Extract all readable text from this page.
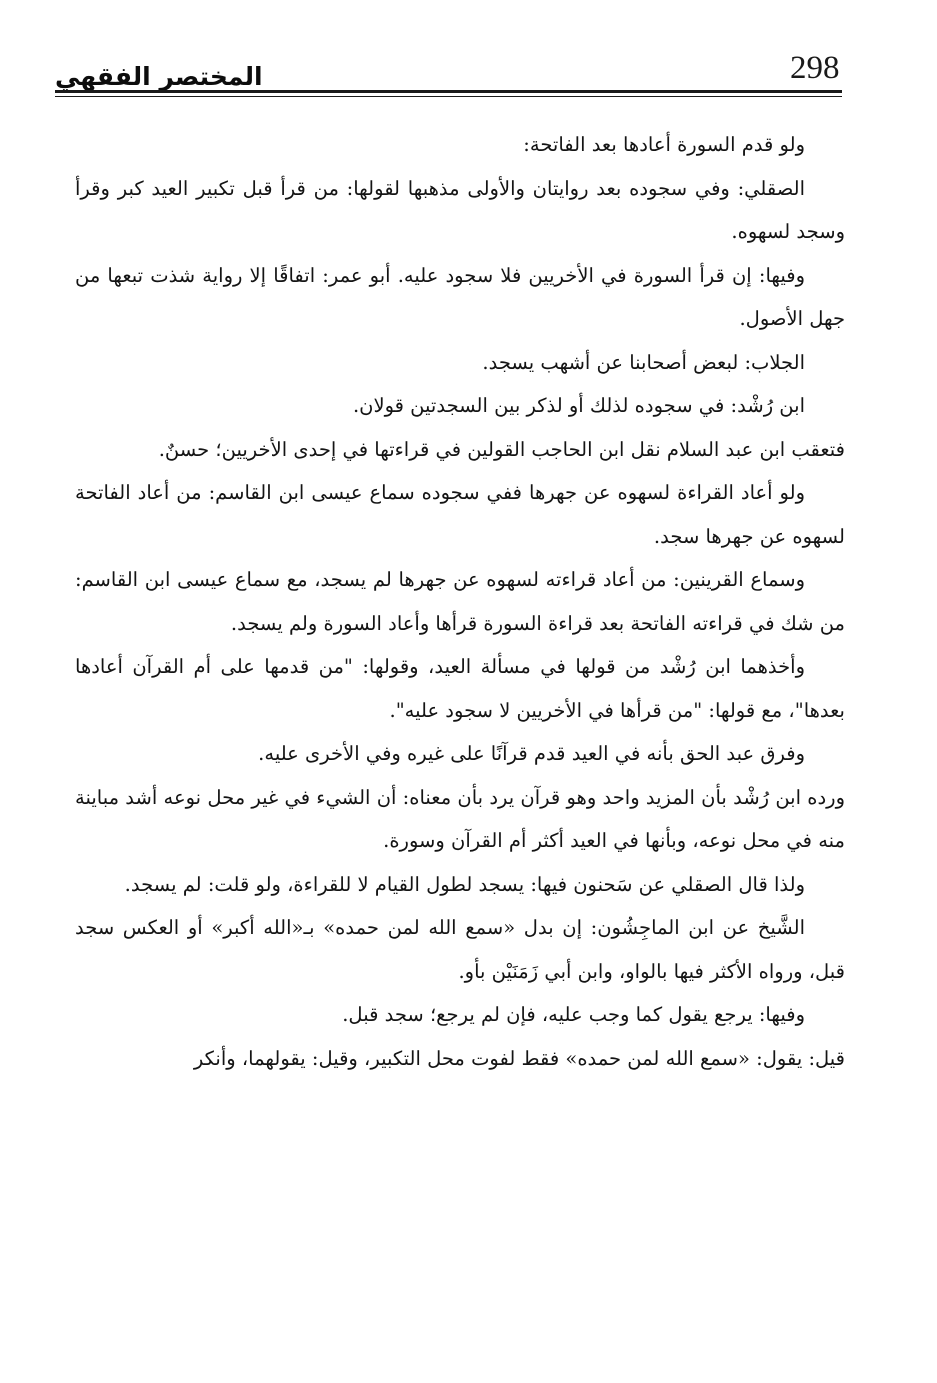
298
المختصر الفقهي

ولو قدم السورة أعادها بعد الفاتحة:

الصقلي: وفي سجوده بعد روايتان والأولى مذهبها لقولها: من قرأ قبل تكبير العيد كبر وقرأ وسجد لسهوه.

وفيها: إن قرأ السورة في الأخريين فلا سجود عليه. أبو عمر: اتفاقًا إلا رواية شذت تبعها من جهل الأصول.

الجلاب: لبعض أصحابنا عن أشهب يسجد.

ابن رُشْد: في سجوده لذلك أو لذكر بين السجدتين قولان.

فتعقب ابن عبد السلام نقل ابن الحاجب القولين في قراءتها في إحدى الأخريين؛ حسنٌ.

ولو أعاد القراءة لسهوه عن جهرها ففي سجوده سماع عيسى ابن القاسم: من أعاد الفاتحة لسهوه عن جهرها سجد.

وسماع القرينين: من أعاد قراءته لسهوه عن جهرها لم يسجد، مع سماع عيسى ابن القاسم: من شك في قراءته الفاتحة بعد قراءة السورة قرأها وأعاد السورة ولم يسجد.

وأخذهما ابن رُشْد من قولها في مسألة العيد، وقولها: "من قدمها على أم القرآن أعادها بعدها"، مع قولها: "من قرأها في الأخريين لا سجود عليه".

وفرق عبد الحق بأنه في العيد قدم قرآنًا على غيره وفي الأخرى عليه.

ورده ابن رُشْد بأن المزيد واحد وهو قرآن يرد بأن معناه: أن الشيء في غير محل نوعه أشد مباينة منه في محل نوعه، وبأنها في العيد أكثر أم القرآن وسورة.

ولذا قال الصقلي عن سَحنون فيها: يسجد لطول القيام لا للقراءة، ولو قلت: لم يسجد.

الشَّيخ عن ابن الماجِشُون: إن بدل «سمع الله لمن حمده» بـ«الله أكبر» أو العكس سجد قبل، ورواه الأكثر فيها بالواو، وابن أبي زَمَنَيْن بأو.

وفيها: يرجع يقول كما وجب عليه، فإن لم يرجع؛ سجد قبل.

قيل: يقول: «سمع الله لمن حمده» فقط لفوت محل التكبير، وقيل: يقولهما، وأنكر
